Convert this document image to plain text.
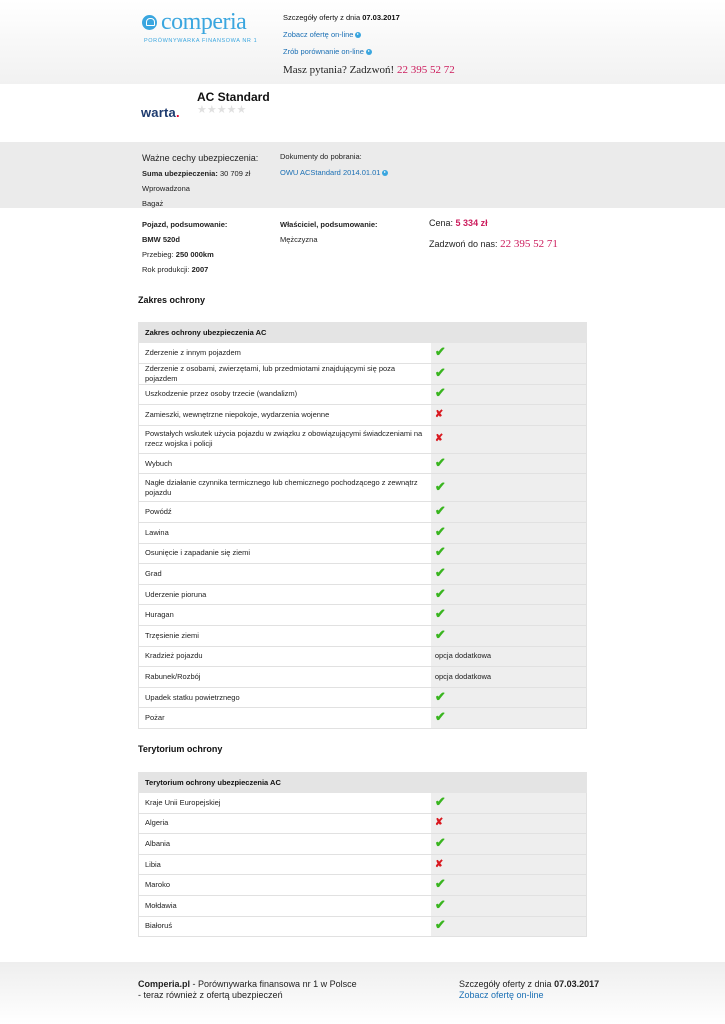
comperia
PORÓWNYWARKA FINANSOWA NR 1
Szczegóły oferty z dnia 07.03.2017
Zobacz ofertę on-line
Zrób porównanie on-line
Masz pytania? Zadzwoń! 22 395 52 72
warta.
AC Standard
★ ★ ★ ★ ★
Ważne cechy ubezpieczenia:
Suma ubezpieczenia: 30 709 zł
Wprowadzona
Bagaż
Dokumenty do pobrania:
OWU ACStandard 2014.01.01
Pojazd, podsumowanie:
BMW 520d
Przebieg: 250 000km
Rok produkcji: 2007
Właściciel, podsumowanie:
Mężczyzna
Cena: 5 334 zł
Zadzwoń do nas: 22 395 52 71
Zakres ochrony
Zakres ochrony ubezpieczenia AC	
Zderzenie z innym pojazdem	✔
Zderzenie z osobami, zwierzętami, lub przedmiotami znajdującymi się poza pojazdem	✔
Uszkodzenie przez osoby trzecie (wandalizm)	✔
Zamieszki, wewnętrzne niepokoje, wydarzenia wojenne	✘
Powstałych wskutek użycia pojazdu w związku z obowiązującymi świadczeniami na rzecz wojska i policji	✘
Wybuch	✔
Nagłe działanie czynnika termicznego lub chemicznego pochodzącego z zewnątrz pojazdu	✔
Powódź	✔
Lawina	✔
Osunięcie i zapadanie się ziemi	✔
Grad	✔
Uderzenie pioruna	✔
Huragan	✔
Trzęsienie ziemi	✔
Kradzież pojazdu	opcja dodatkowa
Rabunek/Rozbój	opcja dodatkowa
Upadek statku powietrznego	✔
Pożar	✔
Terytorium ochrony
Terytorium ochrony ubezpieczenia AC	
Kraje Unii Europejskiej	✔
Algeria	✘
Albania	✔
Libia	✘
Maroko	✔
Mołdawia	✔
Białoruś	✔
Comperia.pl - Porównywarka finansowa nr 1 w Polsce
- teraz również z ofertą ubezpieczeń
Szczegóły oferty z dnia 07.03.2017
Zobacz ofertę on-line
